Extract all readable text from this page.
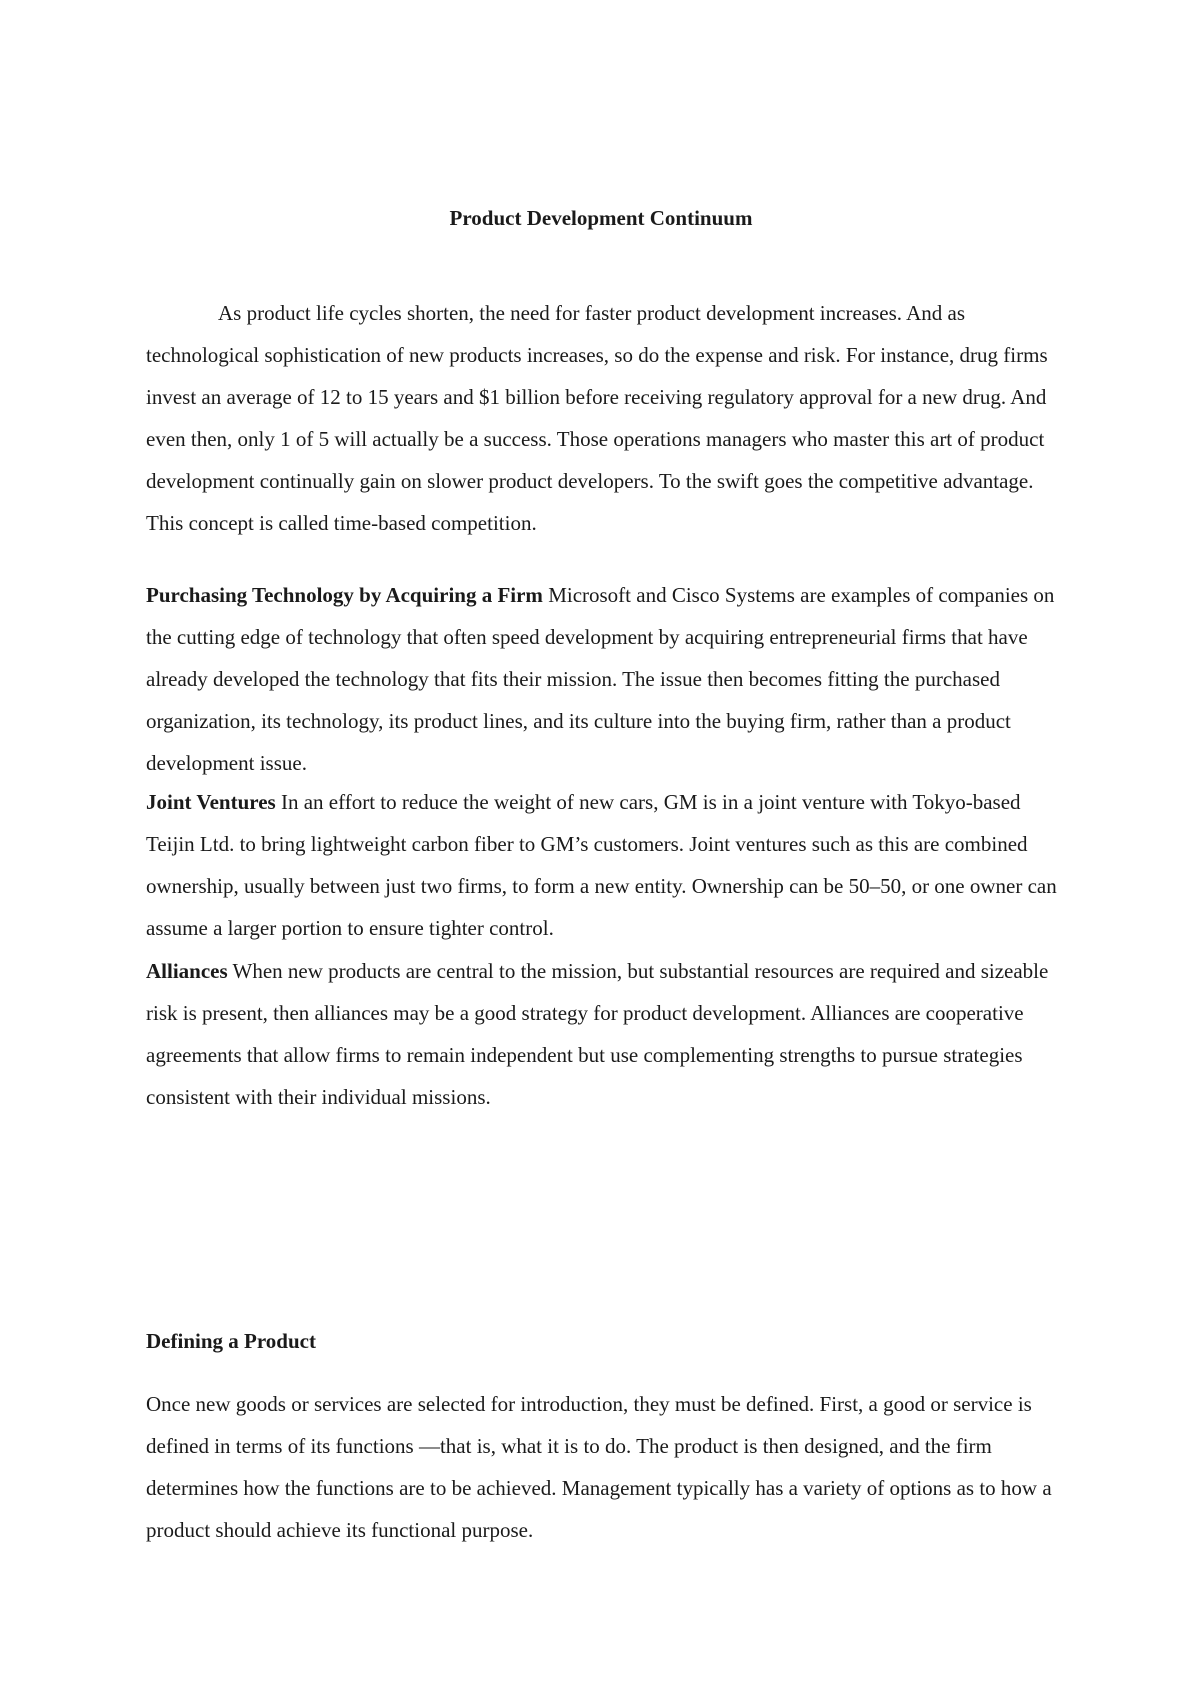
Product Development Continuum

As product life cycles shorten, the need for faster product development increases. And as technological sophistication of new products increases, so do the expense and risk. For instance, drug firms invest an average of 12 to 15 years and $1 billion before receiving regulatory approval for a new drug. And even then, only 1 of 5 will actually be a success. Those operations managers who master this art of product development continually gain on slower product developers. To the swift goes the competitive advantage. This concept is called time-based competition.

Purchasing Technology by Acquiring a Firm Microsoft and Cisco Systems are examples of companies on the cutting edge of technology that often speed development by acquiring entrepreneurial firms that have already developed the technology that fits their mission. The issue then becomes fitting the purchased organization, its technology, its product lines, and its culture into the buying firm, rather than a product development issue.

Joint Ventures In an effort to reduce the weight of new cars, GM is in a joint venture with Tokyo-based Teijin Ltd. to bring lightweight carbon fiber to GM’s customers. Joint ventures such as this are combined ownership, usually between just two firms, to form a new entity. Ownership can be 50–50, or one owner can assume a larger portion to ensure tighter control.

Alliances When new products are central to the mission, but substantial resources are required and sizeable risk is present, then alliances may be a good strategy for product development. Alliances are cooperative agreements that allow firms to remain independent but use complementing strengths to pursue strategies consistent with their individual missions.

Defining a Product

Once new goods or services are selected for introduction, they must be defined. First, a good or service is defined in terms of its functions —that is, what it is to do. The product is then designed, and the firm determines how the functions are to be achieved. Management typically has a variety of options as to how a product should achieve its functional purpose.
